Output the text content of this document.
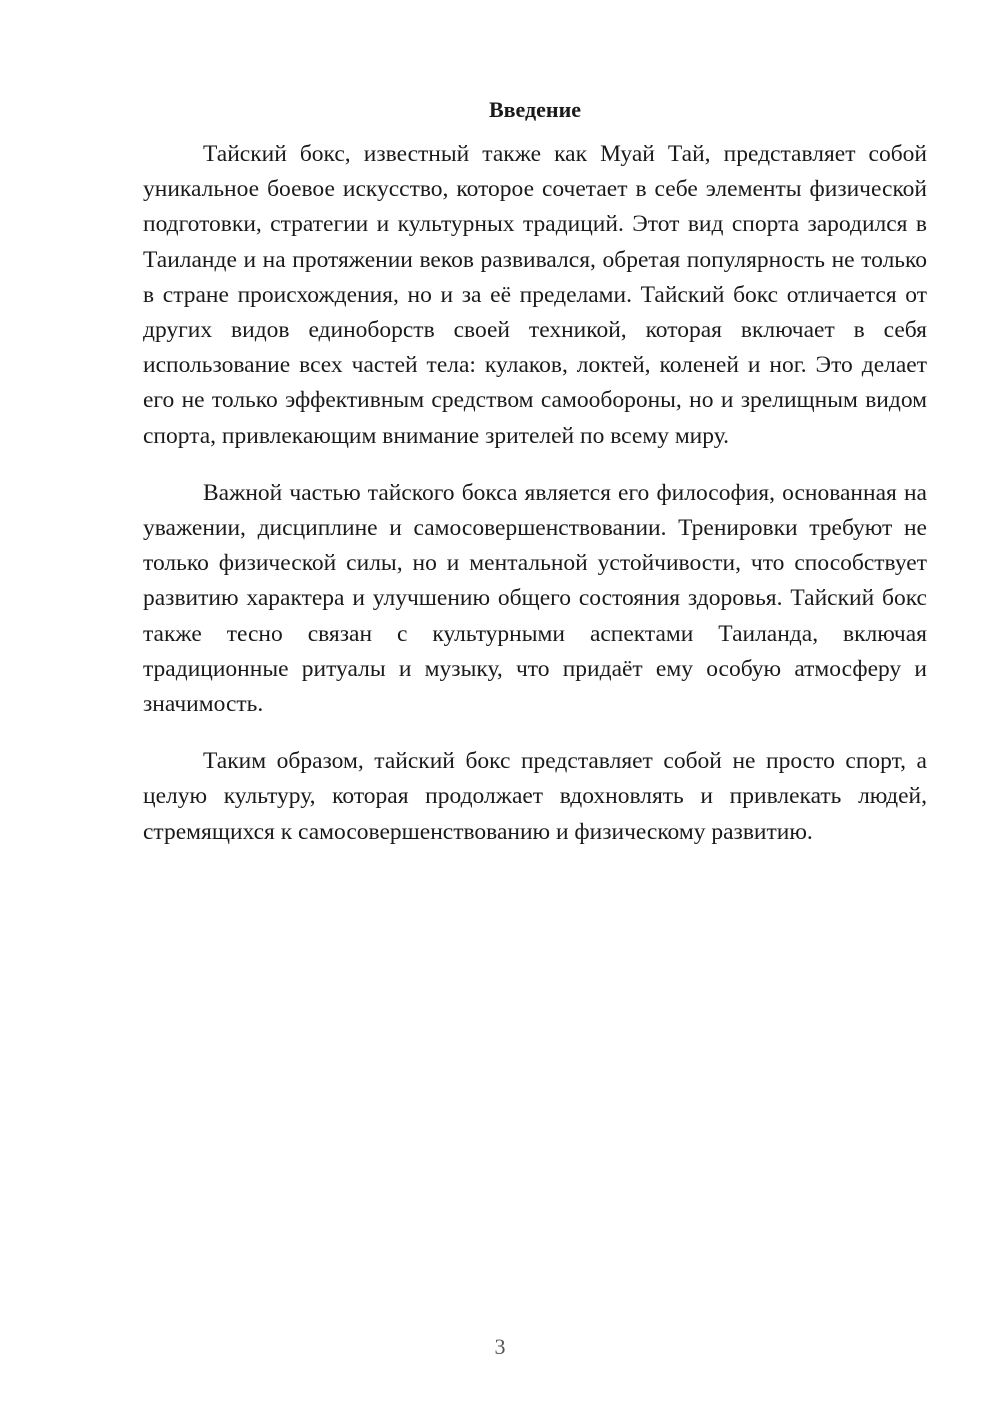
Введение

Тайский бокс, известный также как Муай Тай, представляет собой уникальное боевое искусство, которое сочетает в себе элементы физической подготовки, стратегии и культурных традиций. Этот вид спорта зародился в Таиланде и на протяжении веков развивался, обретая популярность не только в стране происхождения, но и за её пределами. Тайский бокс отличается от других видов единоборств своей техникой, которая включает в себя использование всех частей тела: кулаков, локтей, коленей и ног. Это делает его не только эффективным средством самообороны, но и зрелищным видом спорта, привлекающим внимание зрителей по всему миру.

Важной частью тайского бокса является его философия, основанная на уважении, дисциплине и самосовершенствовании. Тренировки требуют не только физической силы, но и ментальной устойчивости, что способствует развитию характера и улучшению общего состояния здоровья. Тайский бокс также тесно связан с культурными аспектами Таиланда, включая традиционные ритуалы и музыку, что придаёт ему особую атмосферу и значимость.

Таким образом, тайский бокс представляет собой не просто спорт, а целую культуру, которая продолжает вдохновлять и привлекать людей, стремящихся к самосовершенствованию и физическому развитию.

3
